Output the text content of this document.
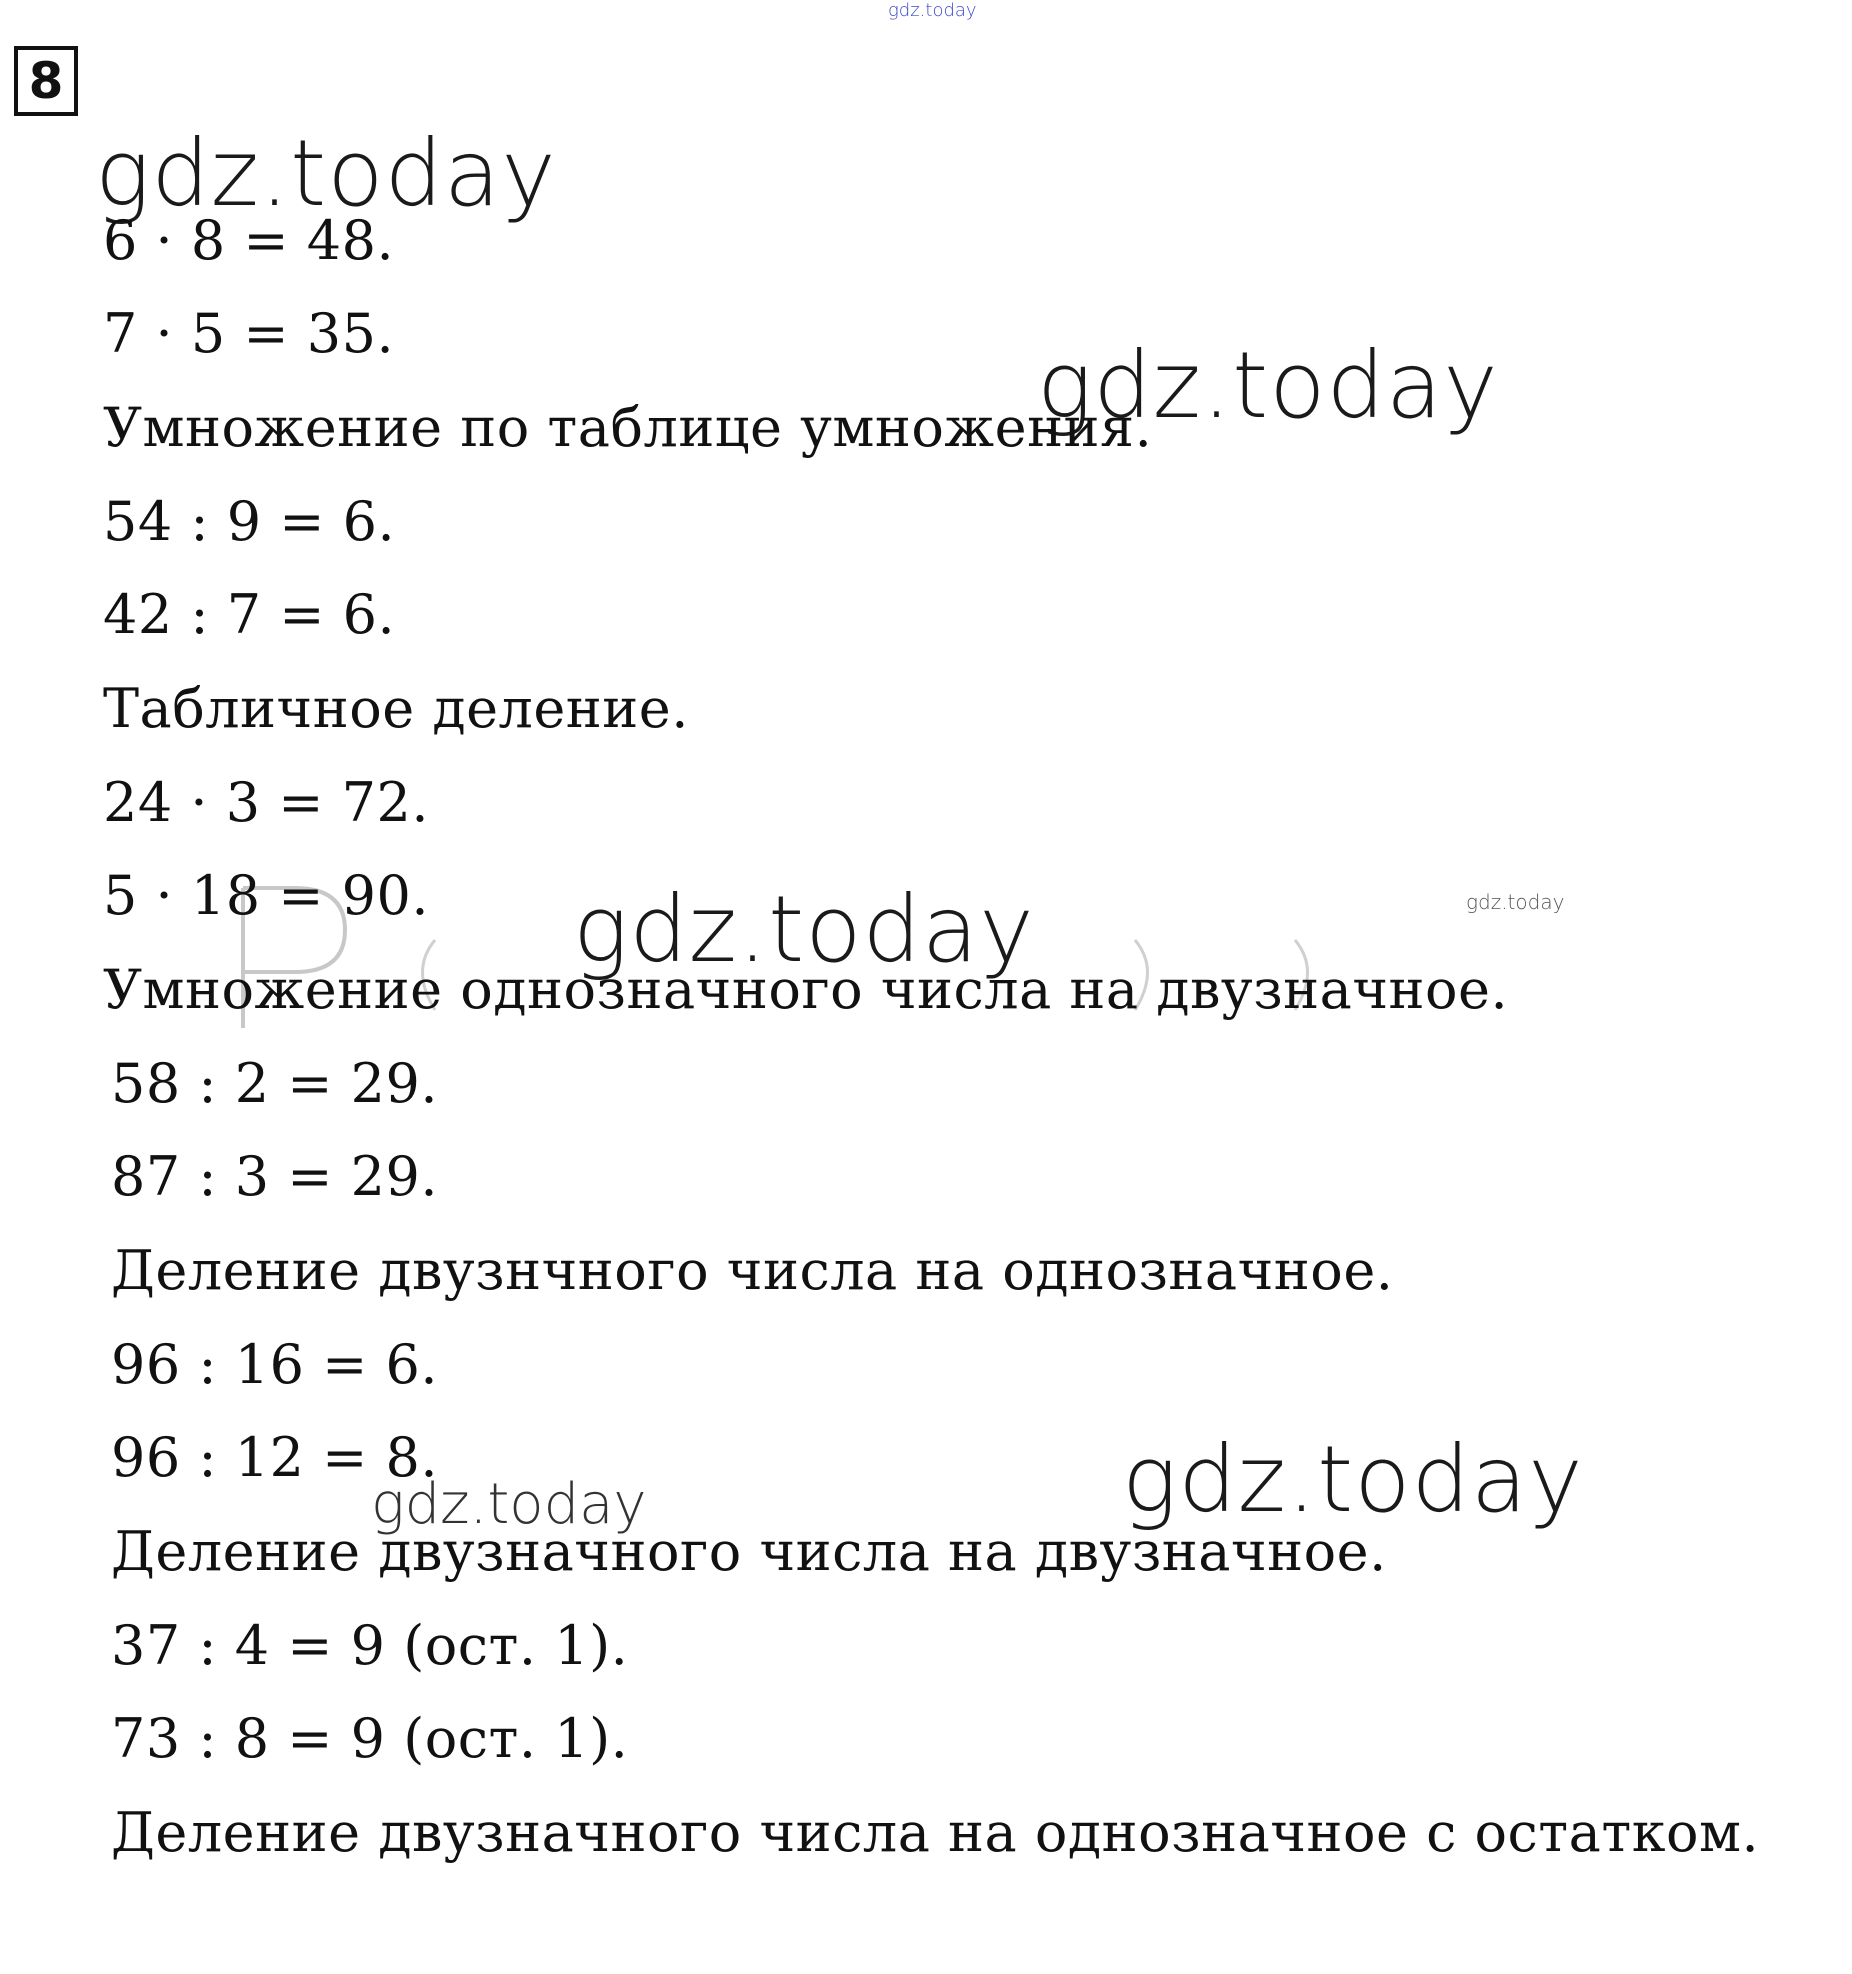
gdz.today
8
gdz.today
gdz.today
gdz.today	gdz.today
gdz.today
gdz.today
6 · 8 = 48.
7 · 5 = 35.
Умножение по таблице умножения.
54 : 9 = 6.
42 : 7 = 6.
Табличное деление.
24 · 3 = 72.
5 · 18 = 90.
Умножение однозначного числа на двузначное.
58 : 2 = 29.
87 : 3 = 29.
Деление двузнчного числа на однозначное.
96 : 16 = 6.
96 : 12 = 8.
Деление двузначного числа на двузначное.
37 : 4 = 9 (ост. 1).
73 : 8 = 9 (ост. 1).
Деление двузначного числа на однозначное с остатком.
